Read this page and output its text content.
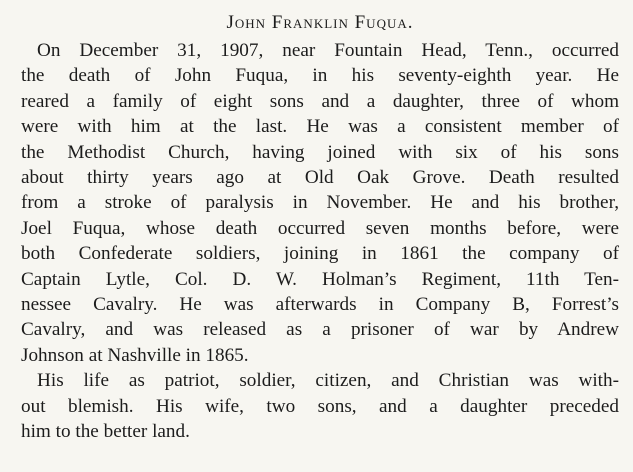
John Franklin Fuqua.

On December 31, 1907, near Fountain Head, Tenn., occurred
the death of John Fuqua, in his seventy-eighth year. He
reared a family of eight sons and a daughter, three of whom
were with him at the last. He was a consistent member of
the Methodist Church, having joined with six of his sons
about thirty years ago at Old Oak Grove. Death resulted
from a stroke of paralysis in November. He and his brother,
Joel Fuqua, whose death occurred seven months before, were
both Confederate soldiers, joining in 1861 the company of
Captain Lytle, Col. D. W. Holman’s Regiment, 11th Ten-
nessee Cavalry. He was afterwards in Company B, Forrest’s
Cavalry, and was released as a prisoner of war by Andrew
Johnson at Nashville in 1865.

His life as patriot, soldier, citizen, and Christian was with-
out blemish. His wife, two sons, and a daughter preceded
him to the better land.
